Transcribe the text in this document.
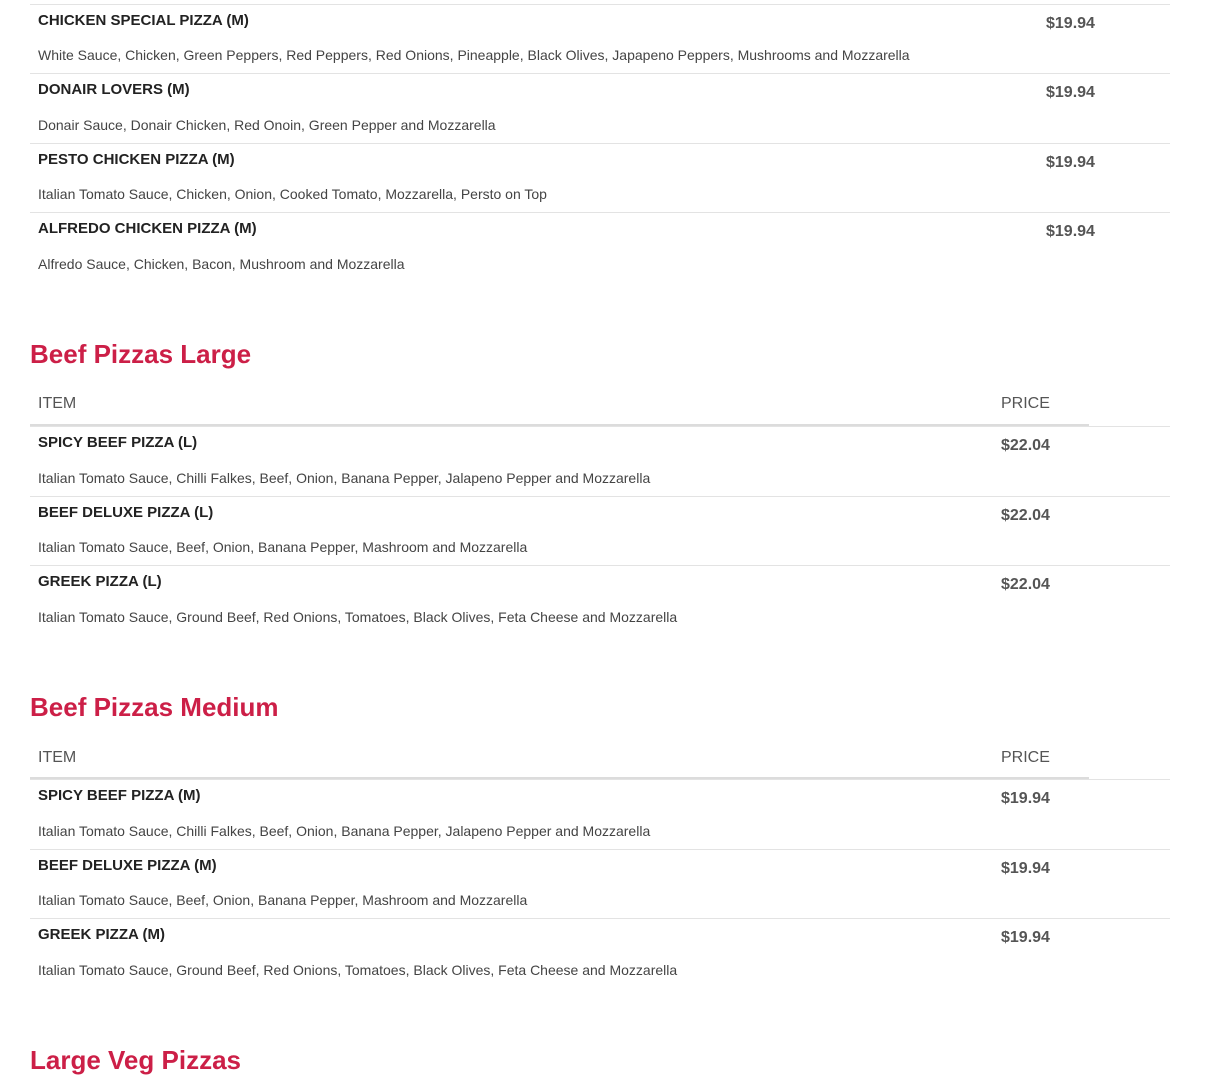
CHICKEN SPECIAL PIZZA (M)
White Sauce, Chicken, Green Peppers, Red Peppers, Red Onions, Pineapple, Black Olives, Japapeno Peppers, Mushrooms and Mozzarella
$19.94
DONAIR LOVERS (M)
Donair Sauce, Donair Chicken, Red Onoin, Green Pepper and Mozzarella
$19.94
PESTO CHICKEN PIZZA (M)
Italian Tomato Sauce, Chicken, Onion, Cooked Tomato, Mozzarella, Persto on Top
$19.94
ALFREDO CHICKEN PIZZA (M)
Alfredo Sauce, Chicken, Bacon, Mushroom and Mozzarella
$19.94
Beef Pizzas Large
ITEM	PRICE
SPICY BEEF PIZZA (L)
Italian Tomato Sauce, Chilli Falkes, Beef, Onion, Banana Pepper, Jalapeno Pepper and Mozzarella
$22.04
BEEF DELUXE PIZZA (L)
Italian Tomato Sauce, Beef, Onion, Banana Pepper, Mashroom and Mozzarella
$22.04
GREEK PIZZA (L)
Italian Tomato Sauce, Ground Beef, Red Onions, Tomatoes, Black Olives, Feta Cheese and Mozzarella
$22.04
Beef Pizzas Medium
ITEM	PRICE
SPICY BEEF PIZZA (M)
Italian Tomato Sauce, Chilli Falkes, Beef, Onion, Banana Pepper, Jalapeno Pepper and Mozzarella
$19.94
BEEF DELUXE PIZZA (M)
Italian Tomato Sauce, Beef, Onion, Banana Pepper, Mashroom and Mozzarella
$19.94
GREEK PIZZA (M)
Italian Tomato Sauce, Ground Beef, Red Onions, Tomatoes, Black Olives, Feta Cheese and Mozzarella
$19.94
Large Veg Pizzas
